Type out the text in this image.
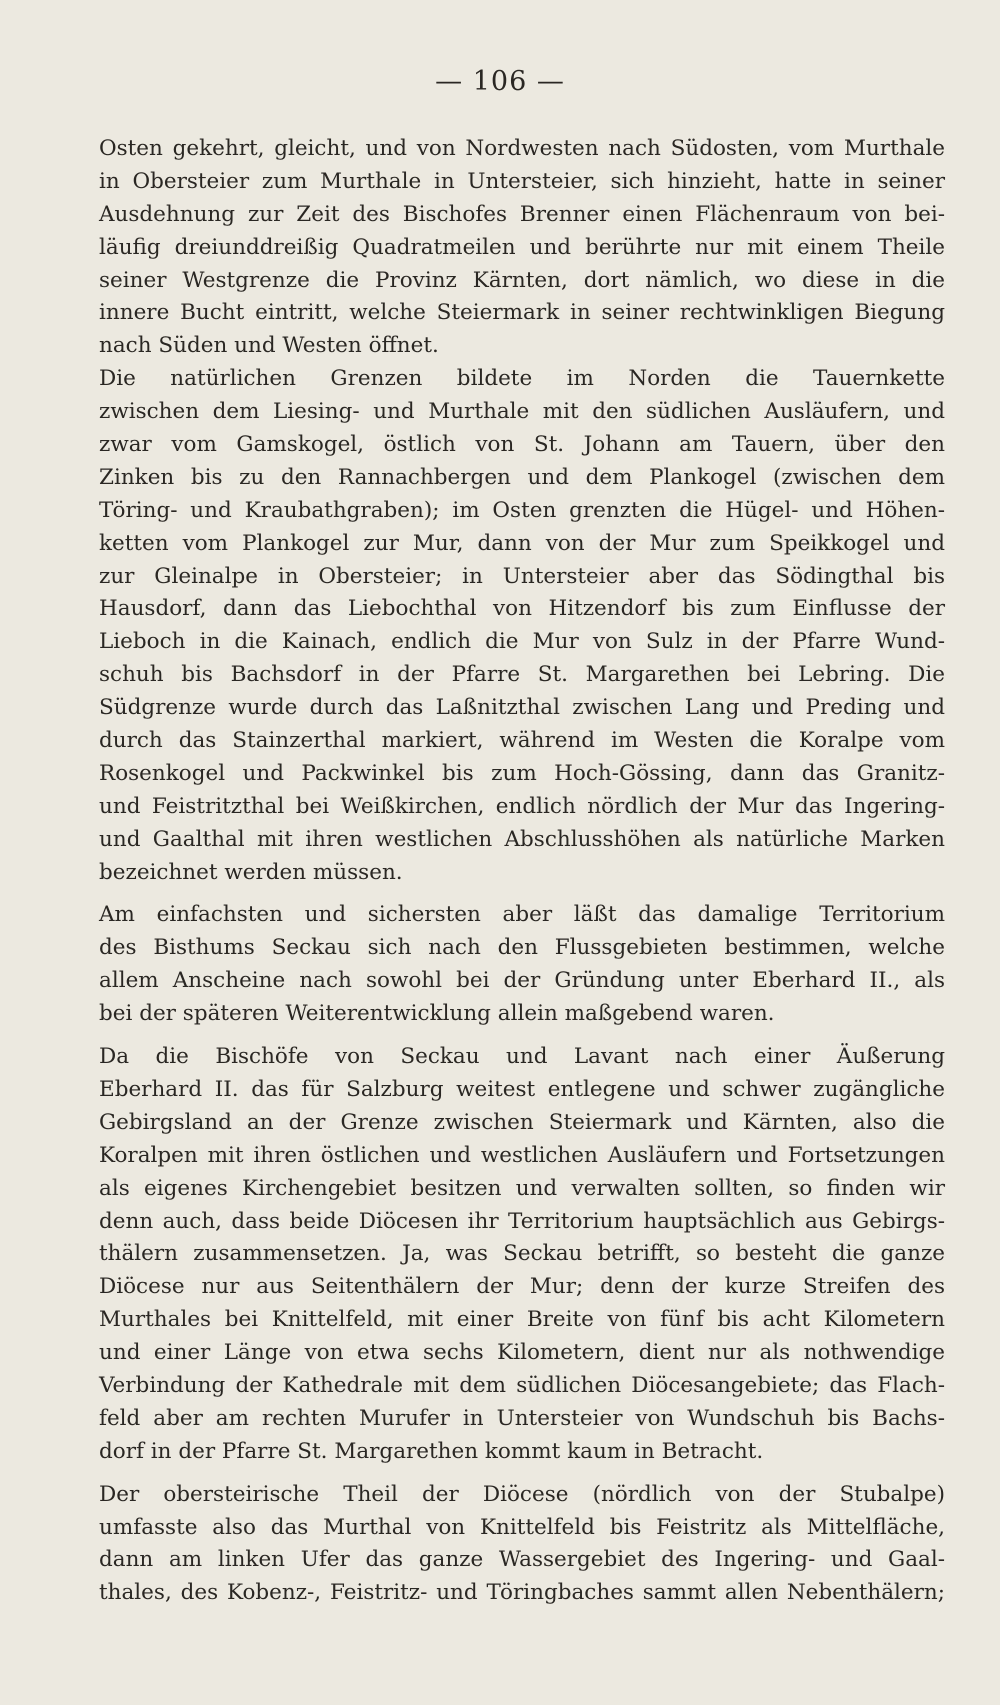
— 106 —
Osten gekehrt, gleicht, und von Nordwesten nach Südosten, vom Murthale
in Obersteier zum Murthale in Untersteier, sich hinzieht, hatte in seiner
Ausdehnung zur Zeit des Bischofes Brenner einen Flächenraum von bei-
läufig dreiunddreißig Quadratmeilen und berührte nur mit einem Theile
seiner Westgrenze die Provinz Kärnten, dort nämlich, wo diese in die
innere Bucht eintritt, welche Steiermark in seiner rechtwinkligen Biegung
nach Süden und Westen öffnet.
Die natürlichen Grenzen bildete im Norden die Tauernkette
zwischen dem Liesing- und Murthale mit den südlichen Ausläufern, und
zwar vom Gamskogel, östlich von St. Johann am Tauern, über den
Zinken bis zu den Rannachbergen und dem Plankogel (zwischen dem
Töring- und Kraubathgraben); im Osten grenzten die Hügel- und Höhen-
ketten vom Plankogel zur Mur, dann von der Mur zum Speikkogel und
zur Gleinalpe in Obersteier; in Untersteier aber das Södingthal bis
Hausdorf, dann das Liebochthal von Hitzendorf bis zum Einflusse der
Lieboch in die Kainach, endlich die Mur von Sulz in der Pfarre Wund-
schuh bis Bachsdorf in der Pfarre St. Margarethen bei Lebring. Die
Südgrenze wurde durch das Laßnitzthal zwischen Lang und Preding und
durch das Stainzerthal markiert, während im Westen die Koralpe vom
Rosenkogel und Packwinkel bis zum Hoch-Gössing, dann das Granitz-
und Feistritzthal bei Weißkirchen, endlich nördlich der Mur das Ingering-
und Gaalthal mit ihren westlichen Abschlusshöhen als natürliche Marken
bezeichnet werden müssen.
Am einfachsten und sichersten aber läßt das damalige Territorium
des Bisthums Seckau sich nach den Flussgebieten bestimmen, welche
allem Anscheine nach sowohl bei der Gründung unter Eberhard II., als
bei der späteren Weiterentwicklung allein maßgebend waren.
Da die Bischöfe von Seckau und Lavant nach einer Äußerung
Eberhard II. das für Salzburg weitest entlegene und schwer zugängliche
Gebirgsland an der Grenze zwischen Steiermark und Kärnten, also die
Koralpen mit ihren östlichen und westlichen Ausläufern und Fortsetzungen
als eigenes Kirchengebiet besitzen und verwalten sollten, so finden wir
denn auch, dass beide Diöcesen ihr Territorium hauptsächlich aus Gebirgs-
thälern zusammensetzen. Ja, was Seckau betrifft, so besteht die ganze
Diöcese nur aus Seitenthälern der Mur; denn der kurze Streifen des
Murthales bei Knittelfeld, mit einer Breite von fünf bis acht Kilometern
und einer Länge von etwa sechs Kilometern, dient nur als nothwendige
Verbindung der Kathedrale mit dem südlichen Diöcesangebiete; das Flach-
feld aber am rechten Murufer in Untersteier von Wundschuh bis Bachs-
dorf in der Pfarre St. Margarethen kommt kaum in Betracht.
Der obersteirische Theil der Diöcese (nördlich von der Stubalpe)
umfasste also das Murthal von Knittelfeld bis Feistritz als Mittelfläche,
dann am linken Ufer das ganze Wassergebiet des Ingering- und Gaal-
thales, des Kobenz-, Feistritz- und Töringbaches sammt allen Nebenthälern;
